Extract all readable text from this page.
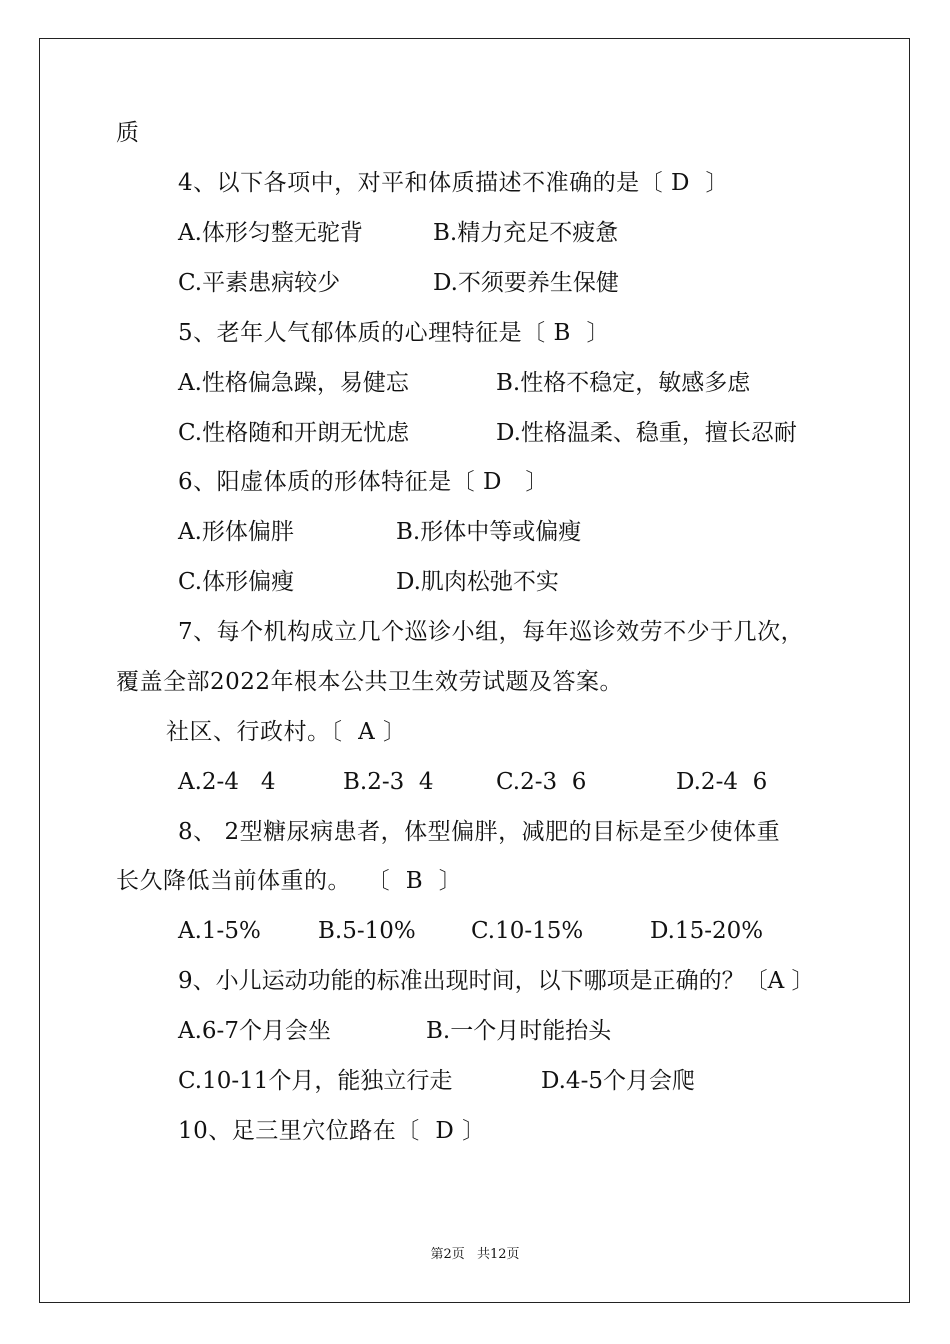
质
4、以下各项中，对平和体质描述不准确的是〔 D  〕
A.体形匀整无驼背	B.精力充足不疲惫
C.平素患病较少	D.不须要养生保健
5、老年人气郁体质的心理特征是〔 B  〕
A.性格偏急躁，易健忘	B.性格不稳定，敏感多虑
C.性格随和开朗无忧虑	D.性格温柔、稳重，擅长忍耐
6、阳虚体质的形体特征是〔 D   〕
A.形体偏胖	B.形体中等或偏瘦
C.体形偏瘦	D.肌肉松弛不实
7、每个机构成立几个巡诊小组，每年巡诊效劳不少于几次，
覆盖全部2022年根本公共卫生效劳试题及答案。
社区、行政村。〔  A 〕
A.2-4   4	B.2-3  4	C.2-3  6	D.2-4  6
8、 2型糖尿病患者，体型偏胖，减肥的目标是至少使体重
长久降低当前体重的。  〔  B  〕
A.1-5% B.5-10% C.10-15%	D.15-20%
9、小儿运动功能的标准出现时间，以下哪项是正确的？〔A 〕
A.6-7个月会坐	B.一个月时能抬头
C.10-11个月，能独立行走	D.4-5个月会爬
10、足三里穴位路在〔  D 〕
第2页 共12页
